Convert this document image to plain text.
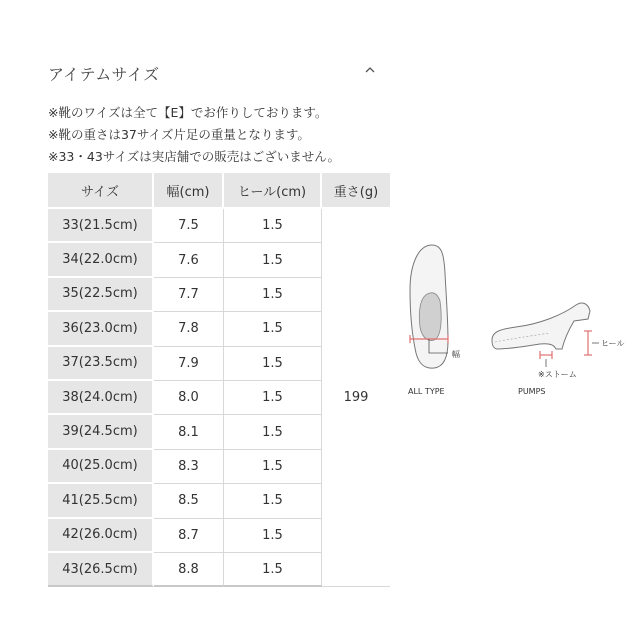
アイテムサイズ
※靴のワイズは全て【E】でお作りしております。
※靴の重さは37サイズ片足の重量となります。
※33・43サイズは実店舗での販売はございません。
サイズ	幅(cm)	ヒール(cm)	重さ(g)
33(21.5cm)	7.5	1.5	199
34(22.0cm)	7.6	1.5	
35(22.5cm)	7.7	1.5	
36(23.0cm)	7.8	1.5	
37(23.5cm)	7.9	1.5	
38(24.0cm)	8.0	1.5	
39(24.5cm)	8.1	1.5	
40(25.0cm)	8.3	1.5	
41(25.5cm)	8.5	1.5	
42(26.0cm)	8.7	1.5	
43(26.5cm)	8.8	1.5	
幅
ヒール
※ストーム
ALL TYPE	PUMPS
